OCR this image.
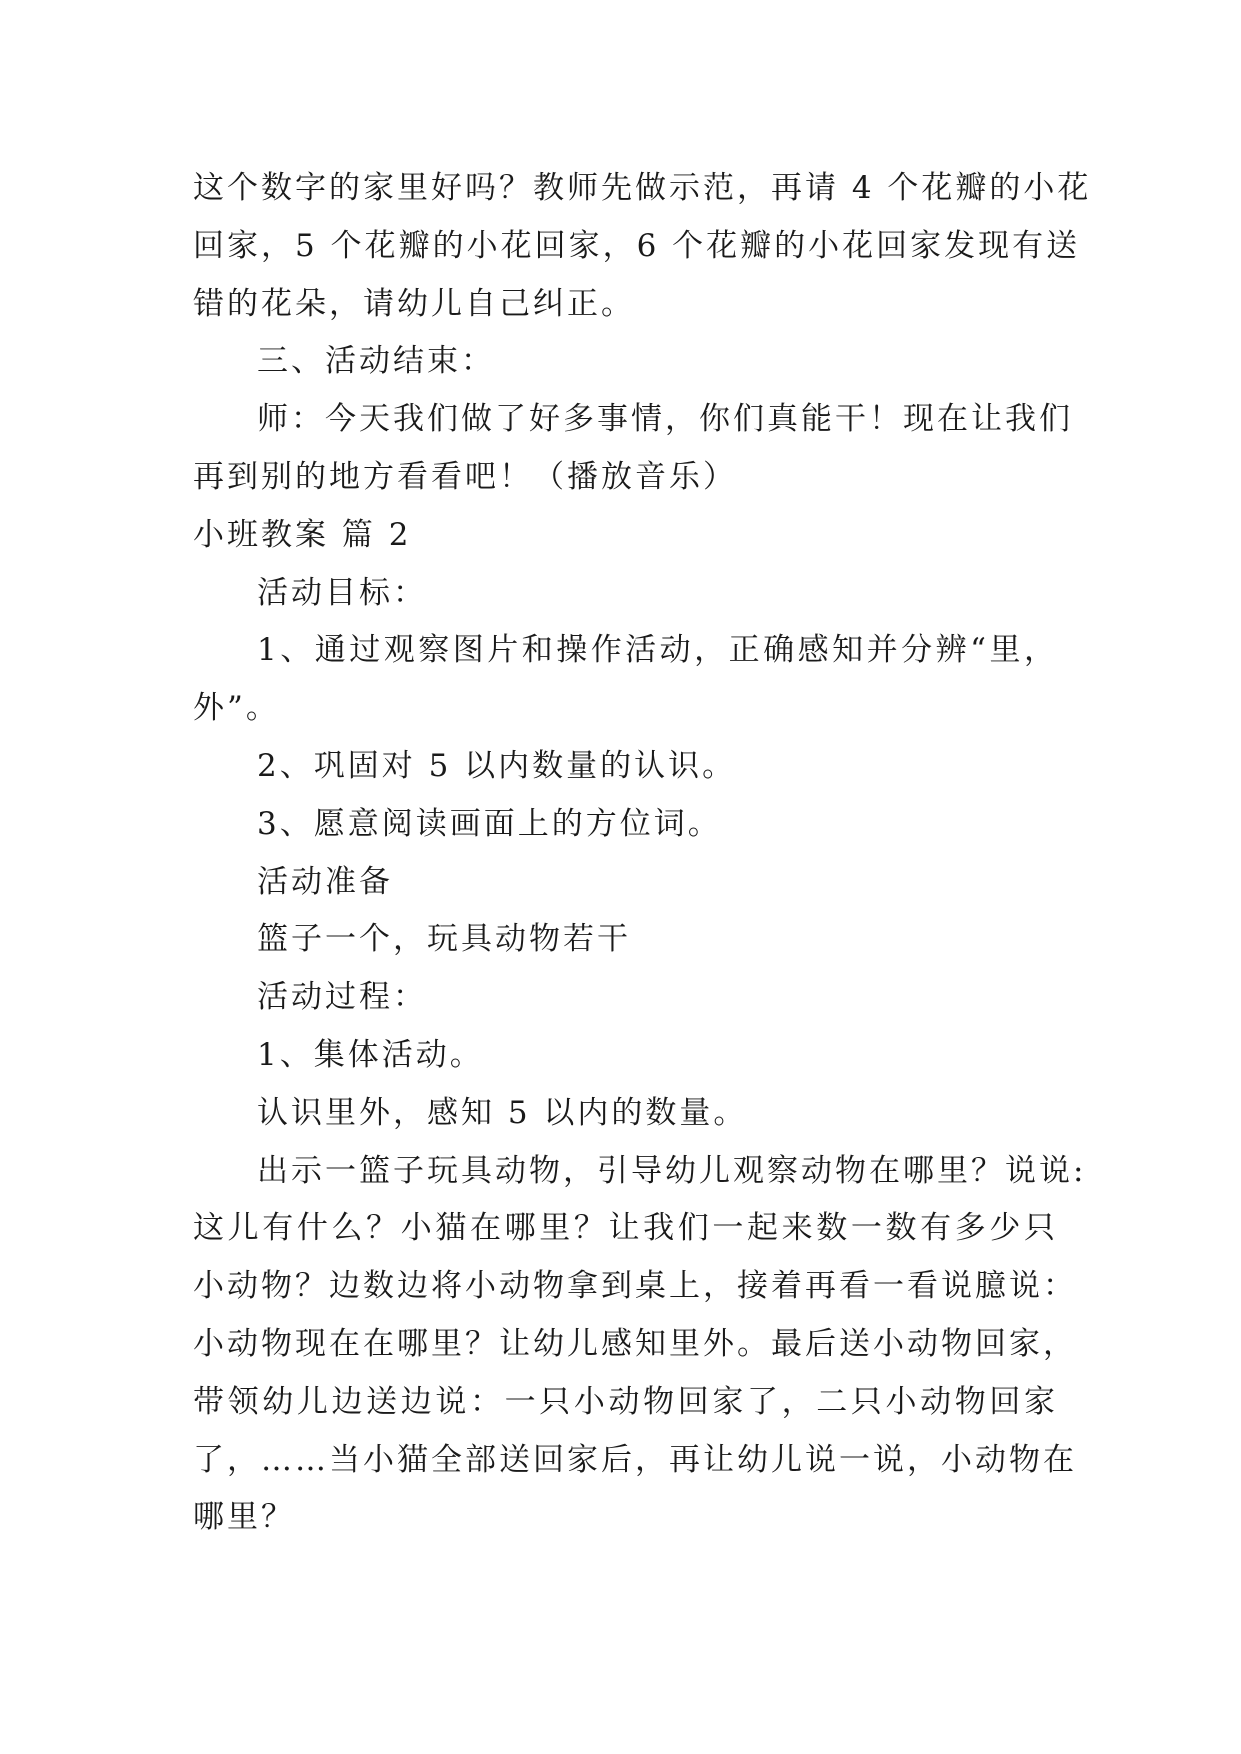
这个数字的家里好吗？教师先做示范，再请 4 个花瓣的小花
回家，5 个花瓣的小花回家，6 个花瓣的小花回家发现有送
错的花朵，请幼儿自己纠正。
三、活动结束：
师：今天我们做了好多事情，你们真能干！现在让我们
再到别的地方看看吧！（播放音乐）
小班教案 篇 2
活动目标：
1、通过观察图片和操作活动，正确感知并分辨“里，
外”。
2、巩固对 5 以内数量的认识。
3、愿意阅读画面上的方位词。
活动准备
篮子一个，玩具动物若干
活动过程：
1、集体活动。
认识里外，感知 5 以内的数量。
出示一篮子玩具动物，引导幼儿观察动物在哪里？说说:
这儿有什么？小猫在哪里？让我们一起来数一数有多少只
小动物？边数边将小动物拿到桌上，接着再看一看说臆说：
小动物现在在哪里？让幼儿感知里外。最后送小动物回家，
带领幼儿边送边说：一只小动物回家了，二只小动物回家
了，……当小猫全部送回家后，再让幼儿说一说，小动物在
哪里？
